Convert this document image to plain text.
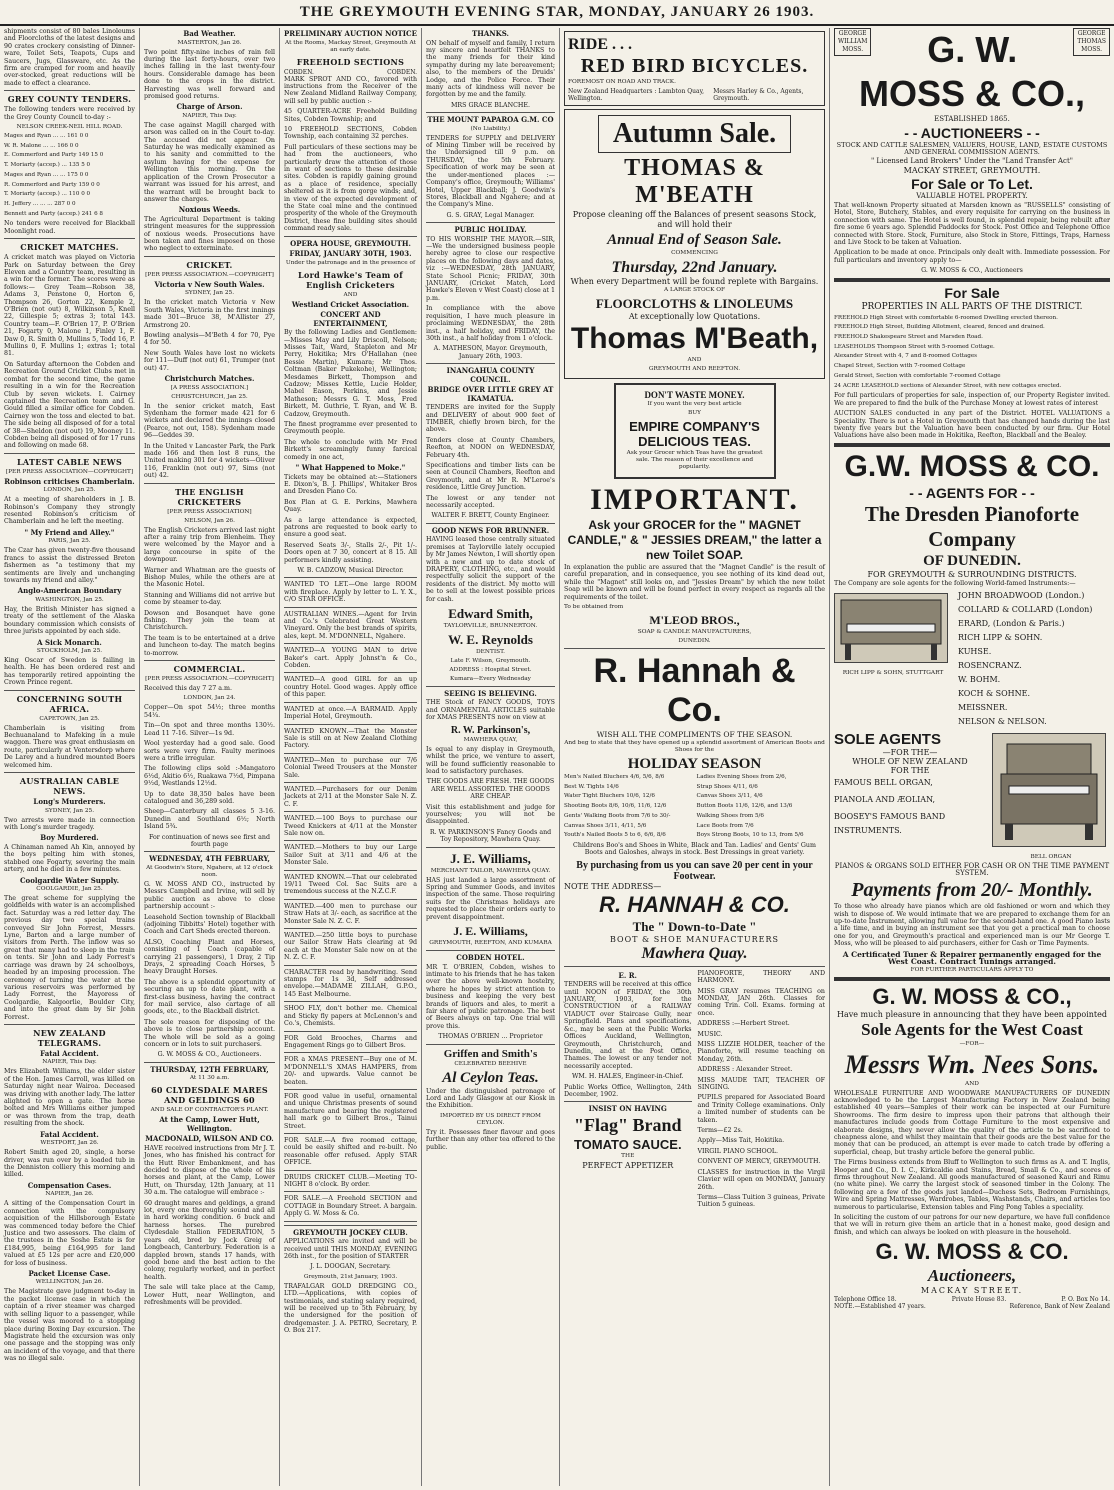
THE GREYMOUTH EVENING STAR, MONDAY, JANUARY 26 1903.

shipments consist of 80 bales Linoleums and Floorcloths of the latest designs and 90 crates crockery consisting of Dinner-ware, Toilet Sets, Teapots, Cups and Saucers, Jugs, Glassware, etc. As the firm are cramped for room and heavily over-stocked, great reductions will be made to effect a clearance.

GREY COUNTY TENDERS.

The following tenders were received by the Grey County Council to-day :-

NELSON CREEK-NEIL HILL ROAD.

Mages and Ryan ... ... 161 0 0

W. R. Malone ... ... 166 0 0

E. Commerford and Party 149 15 0

T. Moriarty (accep.) ... 135 5 0

Mages and Ryan ... ... 175 0 0

R. Commerford and Party 159 0 0

T. Moriarty (accep.) ... 110 0 0

H. Jeffery ... ... ... 287 0 0

Bennett and Party (accep.) 241 6 8

No tenders were received for Blackball Moonlight road.

CRICKET MATCHES.

A cricket match was played on Victoria Park on Saturday between the Grey Eleven and a Country team, resulting in a win for the former. The scores were as follows:— Grey Team—Robson 38, Adams 3, Penstone 0, Horton 6, Thompson 26, Gorton 22, Kemple 2, O'Brien (not out) 8, Wilkinson 5, Knell 22, Gillespie 5; extras 3; total 143. Country team—F. O'Brien 17, P. O'Brien 21, Fogarty 0, Malone 1, Finley 1, F. Daw 0, R. Smith 0, Mullins 5, Todd 16, P. Mullins 0, F. Mullins 1; extras 1; total 81.

On Saturday afternoon the Cobden and Recreation Ground Cricket Clubs met in combat for the second time, the game resulting in a win for the Recreation Club by seven wickets. I. Cairney captained the Recreation team and G. Gould filled a similar office for Cobden. Cairney won the toss and elected to bat. The side being all disposed of for a total of 38—Sheldon (not out) 19, Mooney 11. Cobden being all disposed of for 17 runs and following on made 68.

LATEST CABLE NEWS
[PER PRESS ASSOCIATION—COPYRIGHT]
Robinson criticises Chamberlain.
LONDON, Jan 25.

At a meeting of shareholders in J. B. Robinson's Company they strongly resented Robinson's criticism of Chamberlain and he left the meeting.

" My Friend and Alley."
PARIS, Jan 25.

The Czar has given twenty-five thousand francs to assist the distressed Breton fishermen as "a testimony that my sentiments are lively and unchanging towards my friend and alley."

Anglo-American Boundary
WASHINGTON, Jan 25.

Hay, the British Minister has signed a treaty of the settlement of the Alaska boundary commission which consists of three jurists appointed by each side.

A Sick Monarch.
STOCKHOLM, Jan 25.

King Oscar of Sweden is failing in health. He has been ordered rest and has temporarily retired appointing the Crown Prince regent.

CONCERNING SOUTH AFRICA.
CAPETOWN, Jan 25.

Chamberlain is visiting from Bechuanaland to Mafeking in a mule waggon. There was great enthusiasm en route, particularly at Ventersdorp where De Larey and a hundred mounted Boers welcomed him.

AUSTRALIAN CABLE NEWS.
Long's Murderers.
SYDNEY, Jan 25.

Two arrests were made in connection with Long's murder tragedy.

Boy Murdered.

A Chinaman named Ah Kin, annoyed by the boys pelting him with stones, stabbed one Fogarty, severing the main artery, and he died in a few minutes.

Coolgardie Water Supply.
COOLGARDIE, Jan 25.

The great scheme for supplying the goldfields with water is an accomplished fact. Saturday was a red letter day. The previous day two special trains conveyed Sir John Forrest, Messrs. Lyne, Barton and a large number of visitors from Perth. The inflow was so great that many had to sleep in the train on tents. Sir John and Lady Forrest's carriage was drawn by 24 schoolboys, headed by an imposing procession. The ceremony of turning the water at the various reservoirs was performed by Lady Forrest, the Mayoress of Coolgardie, Kalgoorlie, Boulder City, and into the great dam by Sir John Forrest.

NEW ZEALAND TELEGRAMS.
Fatal Accident.
NAPIER, This Day.

Mrs Elizabeth Williams, the elder sister of the Hon. James Carroll, was killed on Saturday night near Wairoa. Deceased was driving with another lady. The latter alighted to open a gate. The horse bolted and Mrs Williams either jumped or was thrown from the trap, death resulting from the shock.

Fatal Accident.
WESTPORT, Jan 26.

Robert Smith aged 20, single, a horse driver, was run over by a loaded tub in the Denniston colliery this morning and killed.

Compensation Cases.
NAPIER, Jan 26.

A sitting of the Compensation Court in connection with the compulsory acquisition of the Hillsborough Estate was commenced today before the Chief Justice and two assessors. The claim of the trustees in the Soshe Estate is for £184,995, being £164,995 for land valued at £5 12s per acre and £20,000 for loss of business.

Packet License Case.
WELLINGTON, Jan 26.

The Magistrate gave judgment to-day in the packet license case in which the captain of a river steamer was charged with selling liquor to a passenger, while the vessel was moored to a stopping place during Boxing Day excursion. The Magistrate held the excursion was only one passage and the stopping was only an incident of the voyage, and that there was no illegal sale.

Bad Weather.
MASTERTON, Jan 26.

Two point fifty-nine inches of rain fell during the last forty-hours, over two inches falling in the last twenty-four hours. Considerable damage has been done to the crops in the district. Harvesting was well forward and promised good returns.

Charge of Arson.
NAPIER, This Day.

The case against Magill charged with arson was called on in the Court to-day. The accused did not appear. On Saturday he was medically examined as to his sanity and committed to the asylum having for the expense for Wellington this morning. On the application of the Crown Prosecutor a warrant was issued for his arrest, and the warrant will be brought back to answer the charges.

Noxious Weeds.

The Agricultural Department is taking stringent measures for the suppression of noxious weeds. Prosecutions have been taken and fines imposed on those who neglect to exterminate.

CRICKET.
[PER PRESS ASSOCIATION.—COPYRIGHT]
Victoria v New South Wales.
SYDNEY, Jan 25.

In the cricket match Victoria v New South Wales, Victoria in the first innings made 301—Bruce 38, M'Allister 27, Armstrong 20.

Bowling analysis—M'Beth 4 for 70, Pye 4 for 50.

New South Wales have lost no wickets for 111—Duff (not out) 61, Trumper (not out) 47.

Christchurch Matches.
[A PRESS ASSOCIATION.]
CHRISTCHURCH, Jan 25.

In the senior cricket match, East Sydenham the former made 421 for 6 wickets and declared the innings closed (Pearce, not out, 158). Sydenham made 96—Geddes 39.

In the United v Lancaster Park, the Park made 166 and then lost 8 runs, the United making 301 for 4 wickets—Oliver 116, Franklin (not out) 97, Sims (not out) 42.

THE ENGLISH CRICKETERS
[PER PRESS ASSOCIATION]
NELSON, Jan 26.

The English Cricketers arrived last night after a rainy trip from Blenheim. They were welcomed by the Mayor and a large concourse in spite of the downpour.

Warner and Whatman are the guests of Bishop Mules, while the others are at the Masonic Hotel.

Stanning and Williams did not arrive but come by steamer to-day.

Dowson and Bosanquet have gone fishing. They join the team at Christchurch.

The team is to be entertained at a drive and luncheon to-day. The match begins to-morrow.

COMMERCIAL.
[PER PRESS ASSOCIATION.—COPYRIGHT]

Received this day 7 27 a.m.

LONDON, Jan 24.

Copper—On spot 54½; three months 54¼.

Tin—On spot and three months 130½. Lead 11 7-16. Silver—1s 9d.

Wool yesterday had a good sale. Good sorts were very firm. Faulty merinoes were a trifle irregular.

The following clips sold :-Mangatoro 6½d, Akitio 6½, Ruakawa 7½d, Pimpana 9½d, Westlands 12½d.

Up to date 38,350 bales have been catalogued and 36,289 sold.

Sheep—Canterbury all classes 5 3-16. Dunedin and Southland 6½; North Island 5¾.

For continuation of news see first and fourth page

WEDNESDAY, 4TH FEBRUARY,
At Goodwin's Store, Ngahere, at 12 o'clock noon.

G. W. MOSS AND CO., instructed by Messrs Campbell and Irvine, will sell by public auction as above to close partnership account :-

Leasehold Section township of Blackball (adjoining Tibbitts' Hotel) together with Coach and Cart Sheds erected thereon.

ALSO, Coaching Plant and Horses, consisting of 1 Coach (capable of carrying 21 passengers), 1 Dray, 2 Tip Drays, 2 spreading Coach Horses, 5 heavy Draught Horses.

The above is a splendid opportunity of securing an up to date plant, with a first-class business, having the contract for mail service, also cartage of all goods, etc., to the Blackball district.

The sole reason for disposing of the above is to close partnership account. The whole will be sold as a going concern or in lots to suit purchasers.

G. W. MOSS & CO., Auctioneers.

THURSDAY, 12TH FEBRUARY,
At 11 30 a.m.
60 CLYDESDALE MARES AND GELDINGS 60
AND SALE OF CONTRACTOR'S PLANT.
At the Camp, Lower Hutt, Wellington.
MACDONALD, WILSON AND CO.

HAVE received instructions from Mr J. T. Jones, who has finished his contract for the Hutt River Embankment, and has decided to dispose of the whole of his horses and plant, at the Camp, Lower Hutt, on Thursday, 12th January, at 11 30 a.m. The catalogue will embrace :-

60 draught mares and geldings, a grand lot, every one thoroughly sound and all in hard working condition. 6 buck and harness horses. The purebred Clydesdale Stallion FEDERATION, 5 years old, bred by Jock Greig of Longbeach, Canterbury. Federation is a dappled brown, stands 17 hands, with good bone and the best action to the colony, regularly worked, and in perfect health.

The sale will take place at the Camp, Lower Hutt, near Wellington, and refreshments will be provided.

PRELIMINARY AUCTION NOTICE
At the Rooms, Mackay Street, Greymouth At an early date.
FREEHOLD SECTIONS
COBDEN.	COBDEN.

MARK SPROT AND CO., favored with instructions from the Receiver of the New Zealand Midland Railway Company, will sell by public auction :-

45 QUARTER-ACRE Freehold Building Sites, Cobden Township; and

10 FREEHOLD SECTIONS, Cobden Township, each containing 32 perches.

Full particulars of these sections may be had from the auctioneers, who particularly draw the attention of those in want of sections to these desirable sites. Cobden is rapidly gaining ground as a place of residence, specially sheltered as it is from gorge winds; and, in view of the expected development of the State coal mine and the continued prosperity of the whole of the Greymouth District, these fine building sites should command ready sale.

OPERA HOUSE, GREYMOUTH.
FRIDAY, JANUARY 30TH, 1903.
Under the patronage and in the presence of
Lord Hawke's Team of English Cricketers
AND
Westland Cricket Association.
CONCERT AND ENTERTAINMENT,

By the following Ladies and Gentlemen:—Misses May and Lily Driscoll, Nelson; Misses Tait, Ward, Stapleton and Mr Perry, Hokitika; Mrs O'Hallahan (nee Bessie Martin), Kumara; Mr Thos. Coltman (Baker Pukekohe), Wellington; Mesdames Birkett, Thompson and Cadzow; Misses Kettle, Lucie Holder, Mabel Eason, Perkins, and Jessie Matheson; Messrs G. T. Moss, Fred Birkett, M. Guthrie, T. Ryan, and W. B. Cadzow, Greymouth.

The finest programme ever presented to Greymouth people.

The whole to conclude with Mr Fred Birkett's screamingly funny farcical comedy in one act,

" What Happened to Moke."

Tickets may be obtained at:—Stationers E. Dixon's, B. J. Phillips', Whitaker Bros and Dresden Piano Co.

Box Plan at G. E. Perkins, Mawhera Quay.

As a large attendance is expected, patrons are requested to book early to ensure a good seat.

Reserved Seats 3/-, Stalls 2/-, Pit 1/-. Doors open at 7 30, concert at 8 15. All performers kindly assisting.

W. B. CADZOW, Musical Director.

WANTED TO LET.—One large ROOM with fireplace. Apply by letter to L. Y. X., C/O STAR OFFICE.

AUSTRALIAN WINES.—Agent for Irvin and Co.'s Celebrated Great Western Vineyard. Only the best brands of spirits, ales, kept. M. M'DONNELL, Ngahere.

WANTED—A YOUNG MAN to drive Baker's cart. Apply Johnst'n & Co., Cobden.

WANTED—A good GIRL for an up country Hotel. Good wages. Apply office of this paper.

WANTED at once.—A BARMAID. Apply Imperial Hotel, Greymouth.

WANTED KNOWN.—That the Monster Sale is still on at New Zealand Clothing Factory.

WANTED—Men to purchase our 7/6 Colonial Tweed Trousers at the Monster Sale.

WANTED.—Purchasers for our Denim Jackets at 2/11 at the Monster Sale N. Z. C. F.

WANTED.—100 Boys to purchase our Tweed Knickers at 4/11 at the Monster Sale now on.

WANTED.—Mothers to buy our Large Sailor Suit at 3/11 and 4/6 at the Monster Sale.

WANTED KNOWN.—That our celebrated 19/11 Tweed Col. Sac Suits are a tremendous success at the N.Z.C.F.

WANTED.—400 men to purchase our Straw Hats at 3/- each, as sacrifice at the Monster Sale N. Z. C. F.

WANTED.—250 little boys to purchase our Sailor Straw Hats clearing at 9d each at the Monster Sale now on at the N. Z. C. F.

CHARACTER read by handwriting. Send stamps for 1s 3d, Self addressed envelope.—MADAME ZILLAH, G.P.O., 145 East Melbourne.

SHOO FLY, don't bother me. Chemical and Sticky fly papers at McLennon's and Co.'s, Chemists.

FOR Gold Brooches, Charms and Engagement Rings go to Gilbert Bros.

FOR a XMAS PRESENT—Buy one of M. M'DONNELL'S XMAS HAMPERS, from 20/- and upwards. Value cannot be beaten.

FOR good value in useful, ornamental and unique Christmas presents of sound manufacture and bearing the registered hall mark go to Gilbert Bros., Tainui Street.

FOR SALE.—A five roomed cottage, could be easily shifted and re-built. No reasonable offer refused. Apply STAR OFFICE.

DRUIDS CRICKET CLUB.—Meeting TO-NIGHT 8 o'clock. By order.

FOR SALE.—A Freehold SECTION and COTTAGE in Boundary Street. A bargain. Apply G. W. Moss & Co.

GREYMOUTH JOCKEY CLUB.

APPLICATIONS are invited and will be received until THIS MONDAY, EVENING 26th inst., for the position of STARTER

J. L. DOOGAN, Secretary.

Greymouth, 21st January, 1903.

TRAFALGAR GOLD DREDGING CO., LTD.—Applications, with copies of testimonials, and stating salary required, will be received up to 5th February, by the undersigned for the position of dredgemaster. J. A. PETRO, Secretary, P. O. Box 217.

THANKS.

ON behalf of myself and family, I return my sincere and heartfelt THANKS to the many friends for their kind sympathy during my late bereavement; also, to the members of the Druids' Lodge, and the Police Force. Their many acts of kindness will never be forgotten by me and the family.

MRS GRACE BLANCHE.

THE MOUNT PAPAROA G.M. CO
(No Liability.)

TENDERS for SUPPLY and DELIVERY of Mining Timber will be received by the Undersigned till 9 p.m. on THURSDAY, the 5th February. Specification of work may be seen at the under-mentioned places :— Company's office, Greymouth; Williams' Hotel, Upper Blackball; J. Goodwin's Stores, Blackball and Ngahere; and at the Company's Mine.

G. S. GRAY, Legal Manager.

PUBLIC HOLIDAY.

TO HIS WORSHIP THE MAYOR.—SIR,—We the undersigned business people hereby agree to close our respective places on the following days and dates, viz :—WEDNESDAY, 28th JANUARY, State School Picnic; FRIDAY, 30th JANUARY, (Cricket Match, Lord Hawke's Eleven v West Coast) close at 1 p.m.

In compliance with the above requisition, I have much pleasure in proclaiming WEDNESDAY, the 28th inst., a half holiday, and FRIDAY, the 30th inst., a half holiday from 1 o'clock.

A. MATHESON, Mayor. Greymouth, January 26th, 1903.

INANGAHUA COUNTY COUNCIL.
BRIDGE OVER LITTLE GREY AT IKAMATUA.

TENDERS are invited for the Supply and DELIVERY of about 900 feet of TIMBER, chiefly brown birch, for the above.

Tenders close at County Chambers, Reefton, at NOON on WEDNESDAY, February 4th.

Specifications and timber lists can be seen at Council Chambers, Reefton and Greymouth, and at Mr R. M'Leroe's residence, Little Grey Junction.

The lowest or any tender not necessarily accepted.

WALTER F. BRETT, County Engineer.

GOOD NEWS FOR BRUNNER.

HAVING leased those centrally situated premises at Taylorville lately occupied by Mr James Newton, I will shortly open with a new and up to date stock of DRAPERY, CLOTHING, etc., and would respectfully solicit the support of the residents of the district. My motto will be to sell at the lowest possible prices for cash.

Edward Smith,
TAYLORVILLE, BRUNNERTON.
W. E. Reynolds
DENTIST.
Late F. Wilson, Greymouth.
ADDRESS : Hospital Street.
Kumara—Every Wednesday
SEEING IS BELIEVING.

THE Stock of FANCY GOODS, TOYS and ORNAMENTAL ARTICLES suitable for XMAS PRESENTS now on view at

R. W. Parkinson's,
MAWHERA QUAY,

Is equal to any display in Greymouth, whilst the price, we venture to assert, will be found sufficiently reasonable to lead to satisfactory purchases.

THE GOODS ARE FRESH. THE GOODS ARE WELL ASSORTED. THE GOODS ARE CHEAP.

Visit this establishment and judge for yourselves; you will not be disappointed.

R. W. PARKINSON'S Fancy Goods and Toy Repository, Mawhera Quay.

J. E. Williams,
MERCHANT TAILOR, MAWHERA QUAY.

HAS just landed a large assortment of Spring and Summer Goods, and invites inspection of the same. Those requiring suits for the Christmas holidays are requested to place their orders early to prevent disappointment.

J. E. Williams,
GREYMOUTH, REEFTON, AND KUMARA
COBDEN HOTEL.

MR T. O'BRIEN, Cobden, wishes to intimate to his friends that he has taken over the above well-known hostelry, where he hopes by strict attention to business and keeping the very best brands of liquors and ales, to merit a fair share of public patronage. The best of Beers always on tap. One trial will prove this.

THOMAS O'BRIEN ... Proprietor

Griffen and Smith's
CELEBRATED BEEHIVE
Al Ceylon Teas.

Under the distinguished patronage of Lord and Lady Glasgow at our Kiosk in the Exhibition.

IMPORTED BY US DIRECT FROM CEYLON.

Try it. Possesses finer flavour and goes further than any other tea offered to the public.

RIDE . . .
RED BIRD BICYCLES.
FOREMOST ON ROAD AND TRACK.
New Zealand Headquarters : Lambton Quay, Wellington.
Messrs Harley & Co., Agents, Greymouth.
Autumn Sale.
THOMAS & M'BEATH
Propose cleaning off the Balances of present seasons Stock, and will hold their
Annual End of Season Sale.
COMMENCING
Thursday, 22nd January.
When every Department will be found replete with Bargains.
A LARGE STOCK OF
FLOORCLOTHS & LINOLEUMS
At exceptionally low Quotations.
Thomas M'Beath,
AND
GREYMOUTH AND REEFTON.
DON'T WASTE MONEY.
If you want the very best article
BUY
EMPIRE COMPANY'S DELICIOUS TEAS.
Ask your Grocer which Teas have the greatest sale. The reason of their excellence and popularity.
IMPORTANT.
Ask your GROCER for the " MAGNET CANDLE," & " JESSIES DREAM," the latter a new Toilet SOAP.

In explanation the public are assured that the "Magnet Candle" is the result of careful preparation, and in consequence, you see nothing of its kind dead out, while the "Magnet" still looks on, and "Jessies Dream" by which the new toilet Soap will be known and will be found perfect in every respect as regards all the requirements of the toilet.

To be obtained from
M'LEOD BROS.,
SOAP & CANDLE MANUFACTURERS,
DUNEDIN.
R. Hannah & Co.
WISH ALL THE COMPLIMENTS OF THE SEASON.
And beg to state that they have opened up a splendid assortment of American Boots and Shoes for the
HOLIDAY SEASON

Men's Nailed Bluchers 4/6, 5/6, 8/6

Best W. Tights 14/6

Water Tight Bluchers 10/6, 12/6

Shooting Boots 8/6, 10/6, 11/6, 12/6

Gents' Walking Boots from 7/6 to 30/-

Canvas Shoes 3/11, 4/11, 5/6

Youth's Nailed Boots 5 to 6, 6/6, 8/6

Ladies Evening Shoes from 2/6,

Strap Shoes 4/11, 6/6

Canvas Shoes 3/11, 4/6

Button Boots 11/6, 12/6, and 13/6

Walking Shoes from 5/6

Lace Boots from 7/6

Boys Strong Boots, 10 to 13, from 5/6

Childrens Boo's and Shoes in White, Black and Tan. Ladies' and Gents' Gum Boots and Galoshes, always in stock. Best Dressings in great variety.

By purchasing from us you can save 20 per cent in your Footwear.
NOTE THE ADDRESS—
R. HANNAH & CO.
The " Down-to-Date "
BOOT & SHOE MANUFACTURERS
Mawhera Quay.
E. R.

TENDERS will be received at this office until NOON of FRIDAY, the 30th JANUARY, 1903, for the CONSTRUCTION of a RAILWAY VIADUCT over Staircase Gully, near Springfield. Plans and specifications, &c., may be seen at the Public Works Offices Auckland, Wellington, Greymouth, Christchurch, and Dunedin, and at the Post Office, Thames. The lowest or any tender not necessarily accepted.

WM. H. HALES, Engineer-in-Chief.

Public Works Office, Wellington, 24th December, 1902.

INSIST ON HAVING
"Flag" Brand
TOMATO SAUCE.
THE
PERFECT APPETIZER

PIANOFORTE, THEORY AND HARMONY.

MISS GRAY resumes TEACHING on MONDAY, JAN 26th. Classes for coming Trin. Coll. Exams. forming at once.

ADDRESS :—Herbert Street.

MUSIC.

MISS LIZZIE HOLDER, teacher of the Pianoforte, will resume teaching on Monday, 26th.

ADDRESS : Alexander Street.

MISS MAUDE TAIT, TEACHER OF SINGING.

PUPILS prepared for Associated Board and Trinity College examinations. Only a limited number of students can be taken.

Terms—£2 2s.

Apply—Miss Tait, Hokitika.

VIRGIL PIANO SCHOOL.

CONVENT OF MERCY, GREYMOUTH.

CLASSES for instruction in the Virgil Clavier will open on MONDAY, January 26th.

Terms—Class Tuition 3 guineas, Private Tuition 5 guineas.

GEORGE
WILLIAM
MOSS. G. W.	GEORGE
THOMAS
MOSS.
MOSS & CO.,
ESTABLISHED 1865.
- - AUCTIONEERS - -
STOCK AND CATTLE SALESMEN, VALUERS, HOUSE, LAND, ESTATE CUSTOMS AND GENERAL COMMISSION AGENTS.
" Licensed Land Brokers" Under the "Land Transfer Act"
MACKAY STREET, GREYMOUTH.
For Sale or To Let.
VALUABLE HOTEL PROPERTY.

That well-known Property situated at Marsden known as "RUSSELLS" consisting of Hotel, Store, Butchery, Stables, and every requisite for carrying on the business in connection with same. The Hotel is well found, in splendid repair, being rebuilt after fire some 6 years ago. Splendid Paddocks for Stock. Post Office and Telephone Office connected with Store. Stock, Furniture, also Stock in Store, Fittings, Traps, Harness and Live Stock to be taken at Valuation.

Application to be made at once. Principals only dealt with. Immediate possession. For full particulars and inventory apply to—

G. W. MOSS & CO., Auctioneers

For Sale
PROPERTIES IN ALL PARTS OF THE DISTRICT.

FREEHOLD High Street with comfortable 6-roomed Dwelling erected thereon.

FREEHOLD High Street, Building Allotment, cleared, fenced and drained.

FREEHOLD Shakespeare Street and Marsden Road.

LEASEHOLDS Thompson Street with 5-roomed Cottage.

Alexander Street with 4, 7 and 8-roomed Cottages

Chapel Street, Section with 7-roomed Cottage

Gerald Street, Section with comfortable 7-roomed Cottage

24 ACRE LEASEHOLD sections of Alexander Street, with new cottages erected.

For full particulars of properties for sale, inspection of, our Property Register invited. We are prepared to find the bulk of the Purchase Money at lowest rates of interest

AUCTION SALES conducted in any part of the District. HOTEL VALUATIONS a Speciality. There is not a Hotel in Greymouth that has changed hands during the last twenty five years but the Valuation have been conducted by our firm. Our Hotel Valuations have also been made in Hokitika, Reefton, Blackball and the Bealey.

G.W. MOSS & CO.
- - AGENTS FOR - -
The Dresden Pianoforte Company
OF DUNEDIN.
FOR GREYMOUTH & SURROUNDING DISTRICTS.

The Company are sole agents for the following World-famed Instruments:—

RICH LIPP & SOHN, STUTTGART

JOHN BROADWOOD (London.)

COLLARD & COLLARD (London)

ERARD, (London & Paris.)

RICH LIPP & SOHN.

KUHSE.

ROSENCRANZ.

W. BOHM.

KOCH & SOHNE.

MEISSNER.

NELSON & NELSON.

SOLE AGENTS
—FOR THE—
WHOLE OF NEW ZEALAND
FOR THE

FAMOUS BELL ORGAN,

PIANOLA AND ÆOLIAN,

BOOSEY'S FAMOUS BAND INSTRUMENTS.

BELL ORGAN
PIANOS & ORGANS SOLD EITHER FOR CASH OR ON THE TIME PAYMENT SYSTEM.
Payments from 20/- Monthly.

To those who already have pianos which are old fashioned or worn and which they wish to dispose of. We would intimate that we are prepared to exchange them for an up-to-date Instrument, allowing full value for the second-hand one. A good Piano lasts a life time, and in buying an instrument see that you get a practical man to choose one for you, and Greymouth's practical and experienced man is our Mr George T. Moss, who will be pleased to aid purchasers, either for Cash or Time Payments.

A Certificated Tuner & Repairer permanently engaged for the West Coast. Contract Tunings arranged.
FOR FURTHER PARTICULARS APPLY TO
G. W. MOSS & CO.,
Have much pleasure in announcing that they have been appointed
Sole Agents for the West Coast
—FOR—
Messrs Wm. Nees Sons.
AND

WHOLESALE FURNITURE AND WOODWARE MANUFACTURERS OF DUNEDIN acknowledged to be the Largest Manufacturing Factory in New Zealand being established 40 years—Samples of their work can be inspected at our Furniture Showrooms. The firm desire to impress upon their patrons that although their manufactures include goods from Cottage Furniture to the most expensive and elaborate designs, they never allow the quality of the article to be sacrificed to cheapness alone, and whilst they maintain that their goods are the best value for the money that can be produced, an attempt is ever made to catch trade by offering a superficial, cheap, but trashy article before the general public.

The Firms business extends from Bluff to Wellington to such firms as A. and T. Inglis, Hooper and Co., D. I. C., Kirkcaldie and Stains, Bread, Small & Co., and scores of firms throughout New Zealand. All goods manufactured of seasoned Kauri and Rimu (no white pine). We carry the largest stock of seasoned timber in the Colony. The following are a few of the goods just landed—Duchess Sets, Bedroom Furnishings, Wire and Spring Mattresses, Wardrobes, Tables, Washstands, Chairs, and articles too numerous to particularise, Extension tables and Fing Pong Tables a speciality.

In soliciting the custom of our patrons for our new departure, we have full confidence that we will in return give them an article that in a honest make, good design and finish, and which can always be looked on with pleasure in the household.

G. W. MOSS & CO.
Auctioneers,
MACKAY STREET.
Telephone Office 18.	Private House 83.	P. O. Box No 14.
NOTE.—Established 47 years.	Reference, Bank of New Zealand
